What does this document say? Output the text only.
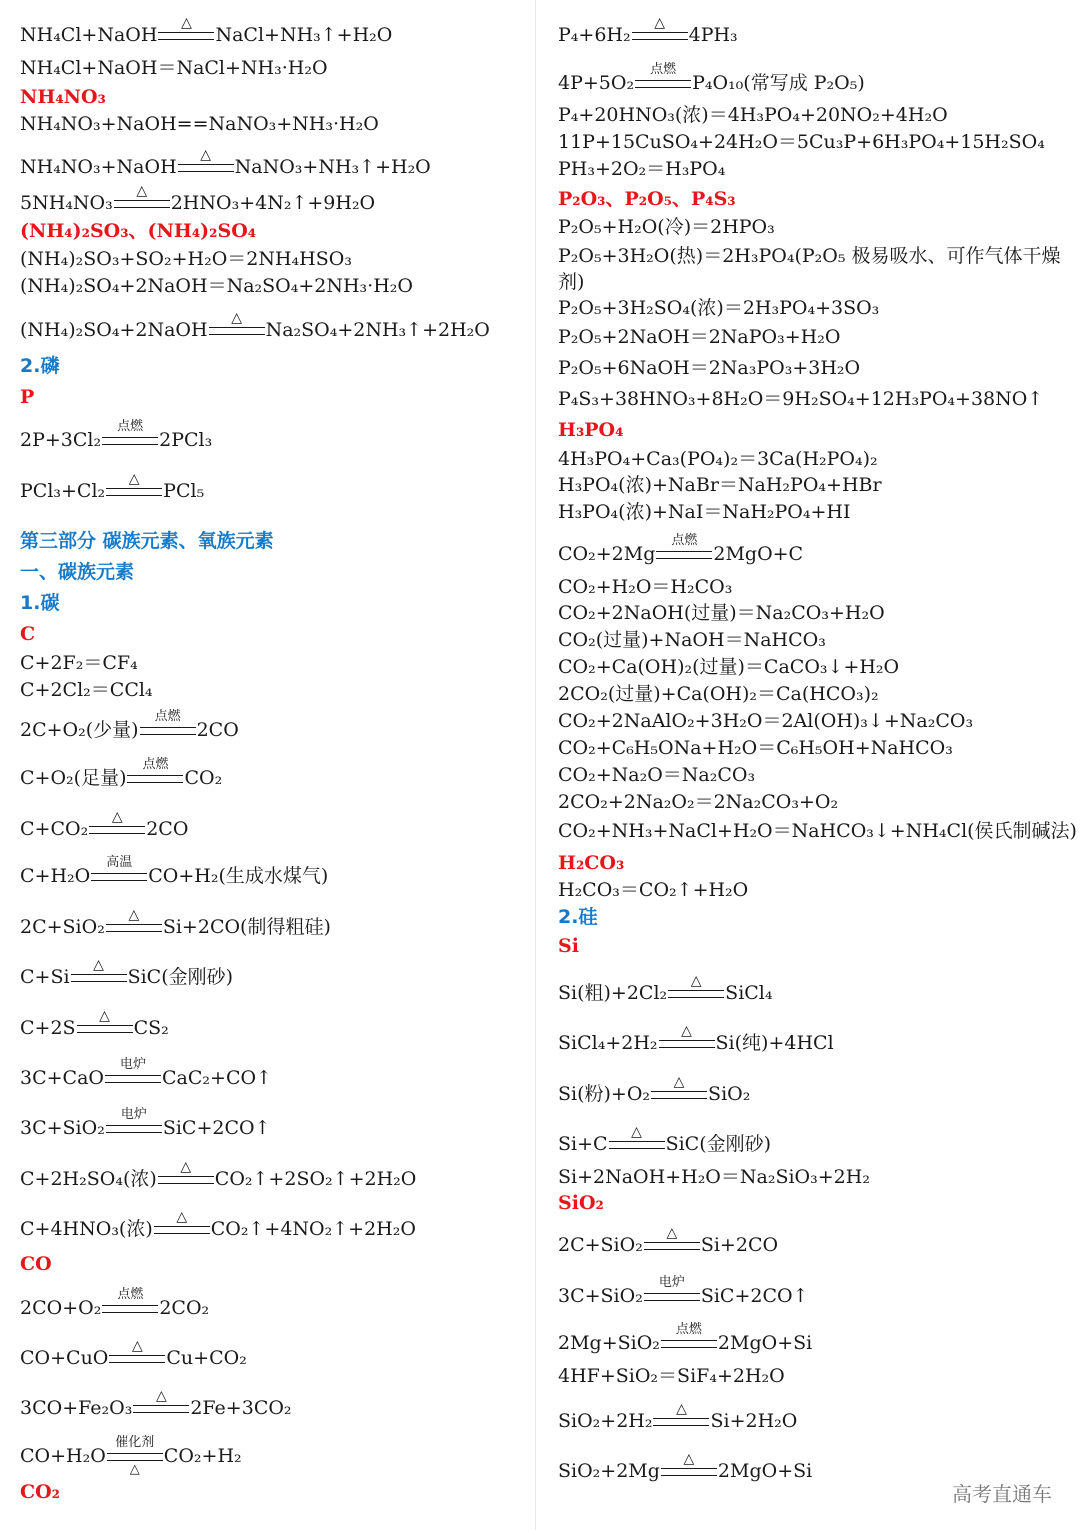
NH₄Cl+NaOH
△
NaCl+NH₃↑+H₂O
NH₄Cl+NaOH＝NaCl+NH₃·H₂O
NH₄NO₃
NH₄NO₃+NaOH==NaNO₃+NH₃·H₂O
NH₄NO₃+NaOH
△
NaNO₃+NH₃↑+H₂O
5NH₄NO₃
△
2HNO₃+4N₂↑+9H₂O
(NH₄)₂SO₃、(NH₄)₂SO₄
(NH₄)₂SO₃+SO₂+H₂O＝2NH₄HSO₃
(NH₄)₂SO₄+2NaOH＝Na₂SO₄+2NH₃·H₂O
(NH₄)₂SO₄+2NaOH
△
Na₂SO₄+2NH₃↑+2H₂O
2.磷
P
2P+3Cl₂
点燃
2PCl₃
PCl₃+Cl₂
△
PCl₅
第三部分 碳族元素、氧族元素
一、碳族元素
1.碳
C
C+2F₂＝CF₄
C+2Cl₂＝CCl₄
2C+O₂(少量)
点燃
2CO
C+O₂(足量)
点燃
CO₂
C+CO₂
△
2CO
C+H₂O
高温
CO+H₂(生成水煤气)
2C+SiO₂
△
Si+2CO(制得粗硅)
C+Si
△
SiC(金刚砂)
C+2S
△
CS₂
3C+CaO
电炉
CaC₂+CO↑
3C+SiO₂
电炉
SiC+2CO↑
C+2H₂SO₄(浓)
△
CO₂↑+2SO₂↑+2H₂O
C+4HNO₃(浓)
△
CO₂↑+4NO₂↑+2H₂O
CO
2CO+O₂
点燃
2CO₂
CO+CuO
△
Cu+CO₂
3CO+Fe₂O₃
△
2Fe+3CO₂
CO+H₂O
催化剂
△
CO₂+H₂
CO₂
P₄+6H₂
△
4PH₃
4P+5O₂
点燃
P₄O₁₀(常写成 P₂O₅)
P₄+20HNO₃(浓)＝4H₃PO₄+20NO₂+4H₂O
11P+15CuSO₄+24H₂O＝5Cu₃P+6H₃PO₄+15H₂SO₄
PH₃+2O₂＝H₃PO₄
P₂O₃、P₂O₅、P₄S₃
P₂O₅+H₂O(冷)＝2HPO₃
P₂O₅+3H₂O(热)＝2H₃PO₄(P₂O₅ 极易吸水、可作气体干燥剂)
P₂O₅+3H₂SO₄(浓)＝2H₃PO₄+3SO₃
P₂O₅+2NaOH＝2NaPO₃+H₂O
P₂O₅+6NaOH＝2Na₃PO₃+3H₂O
P₄S₃+38HNO₃+8H₂O＝9H₂SO₄+12H₃PO₄+38NO↑
H₃PO₄
4H₃PO₄+Ca₃(PO₄)₂＝3Ca(H₂PO₄)₂
H₃PO₄(浓)+NaBr＝NaH₂PO₄+HBr
H₃PO₄(浓)+NaI＝NaH₂PO₄+HI
CO₂+2Mg
点燃
2MgO+C
CO₂+H₂O＝H₂CO₃
CO₂+2NaOH(过量)＝Na₂CO₃+H₂O
CO₂(过量)+NaOH＝NaHCO₃
CO₂+Ca(OH)₂(过量)＝CaCO₃↓+H₂O
2CO₂(过量)+Ca(OH)₂＝Ca(HCO₃)₂
CO₂+2NaAlO₂+3H₂O＝2Al(OH)₃↓+Na₂CO₃
CO₂+C₆H₅ONa+H₂O＝C₆H₅OH+NaHCO₃
CO₂+Na₂O＝Na₂CO₃
2CO₂+2Na₂O₂＝2Na₂CO₃+O₂
CO₂+NH₃+NaCl+H₂O＝NaHCO₃↓+NH₄Cl(侯氏制碱法)
H₂CO₃
H₂CO₃＝CO₂↑+H₂O
2.硅
Si
Si(粗)+2Cl₂
△
SiCl₄
SiCl₄+2H₂
△
Si(纯)+4HCl
Si(粉)+O₂
△
SiO₂
Si+C
△
SiC(金刚砂)
Si+2NaOH+H₂O＝Na₂SiO₃+2H₂
SiO₂
2C+SiO₂
△
Si+2CO
3C+SiO₂
电炉
SiC+2CO↑
2Mg+SiO₂
点燃
2MgO+Si
4HF+SiO₂＝SiF₄+2H₂O
SiO₂+2H₂
△
Si+2H₂O
SiO₂+2Mg
△
2MgO+Si
高考直通车
